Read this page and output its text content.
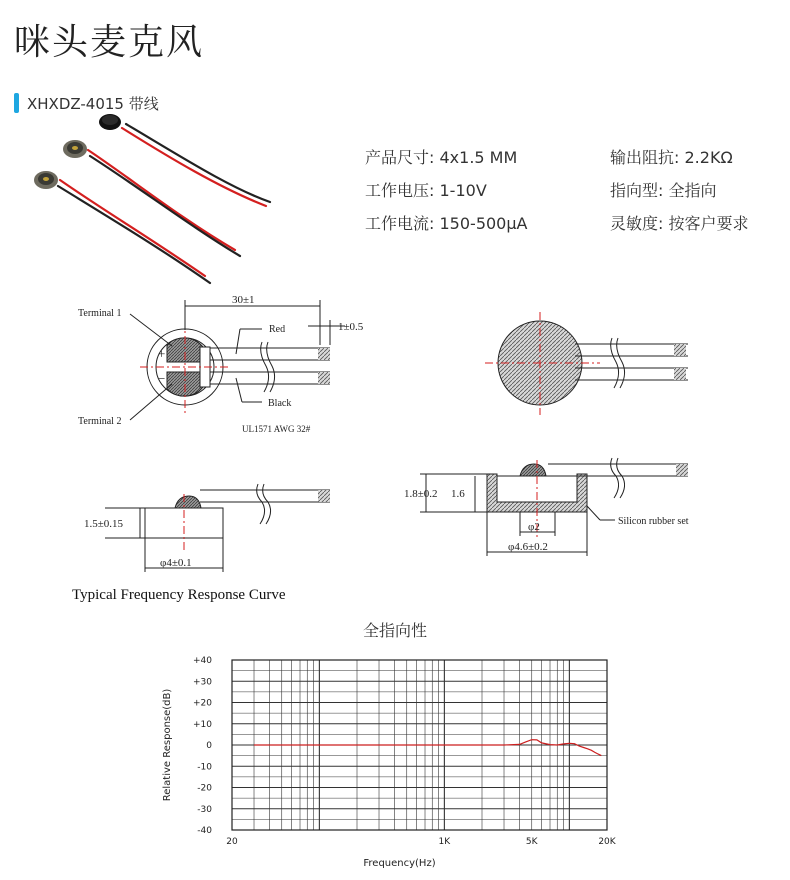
咪头麦克风
XHXDZ-4015 带线
产品尺寸: 4x1.5 MM
工作电压: 1-10V
工作电流: 150-500μA
输出阻抗: 2.2KΩ
指向型: 全指向
灵敏度: 按客户要求
+
−
Terminal 1
Terminal 2
Red
Black
UL1571 AWG 32#
30±1
1±0.5
1.5±0.15
φ4±0.1
1.8±0.2 1.6
φ2
φ4.6±0.2
Silicon rubber set
Typical Frequency Response Curve
全指向性
+40
+30
+20
+10
0
-10
-20
-30
-40
20	1K	5K	20K
Relative Response(dB)
Frequency(Hz)
